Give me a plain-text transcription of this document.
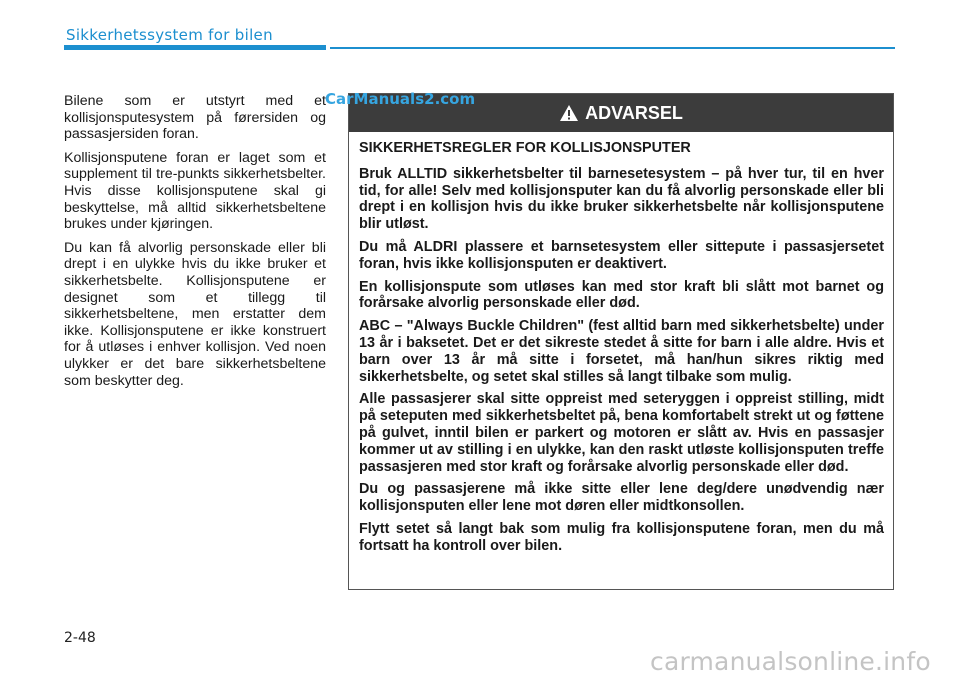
Sikkerhetssystem for bilen

Bilene som er utstyrt med et kollisjonsputesystem på førersiden og passasjersiden foran.

Kollisjonsputene foran er laget som et supplement til tre-punkts sikkerhetsbelter. Hvis disse kollisjonsputene skal gi beskyttelse, må alltid sikkerhetsbeltene brukes under kjøringen.

Du kan få alvorlig personskade eller bli drept i en ulykke hvis du ikke bruker et sikkerhetsbelte. Kollisjonsputene er designet som et tillegg til sikkerhetsbeltene, men erstatter dem ikke. Kollisjonsputene er ikke konstruert for å utløses i enhver kollisjon. Ved noen ulykker er det bare sikkerhetsbeltene som beskytter deg.

ADVARSEL

SIKKERHETSREGLER FOR KOLLISJONSPUTER

Bruk ALLTID sikkerhetsbelter til barnesetesystem – på hver tur, til en hver tid, for alle! Selv med kollisjonsputer kan du få alvorlig personskade eller bli drept i en kollisjon hvis du ikke bruker sikkerhetsbelte når kollisjonsputene blir utløst.

Du må ALDRI plassere et barnsetesystem eller sittepute i passasjersetet foran, hvis ikke kollisjonsputen er deaktivert.

En kollisjonspute som utløses kan med stor kraft bli slått mot barnet og forårsake alvorlig personskade eller død.

ABC – "Always Buckle Children" (fest alltid barn med sikkerhetsbelte) under 13 år i baksetet. Det er det sikreste stedet å sitte for barn i alle aldre. Hvis et barn over 13 år må sitte i forsetet, må han/hun sikres riktig med sikkerhetsbelte, og setet skal stilles så langt tilbake som mulig.

Alle passasjerer skal sitte oppreist med seteryggen i oppreist stilling, midt på seteputen med sikkerhetsbeltet på, bena komfortabelt strekt ut og føttene på gulvet, inntil bilen er parkert og motoren er slått av. Hvis en passasjer kommer ut av stilling i en ulykke, kan den raskt utløste kollisjonsputen treffe passasjeren med stor kraft og forårsake alvorlig personskade eller død.

Du og passasjerene må ikke sitte eller lene deg/dere unødvendig nær kollisjonsputen eller lene mot døren eller midtkonsollen.

Flytt setet så langt bak som mulig fra kollisjonsputene foran, men du må fortsatt ha kontroll over bilen.

CarManuals2.com
2-48
carmanualsonline.info
